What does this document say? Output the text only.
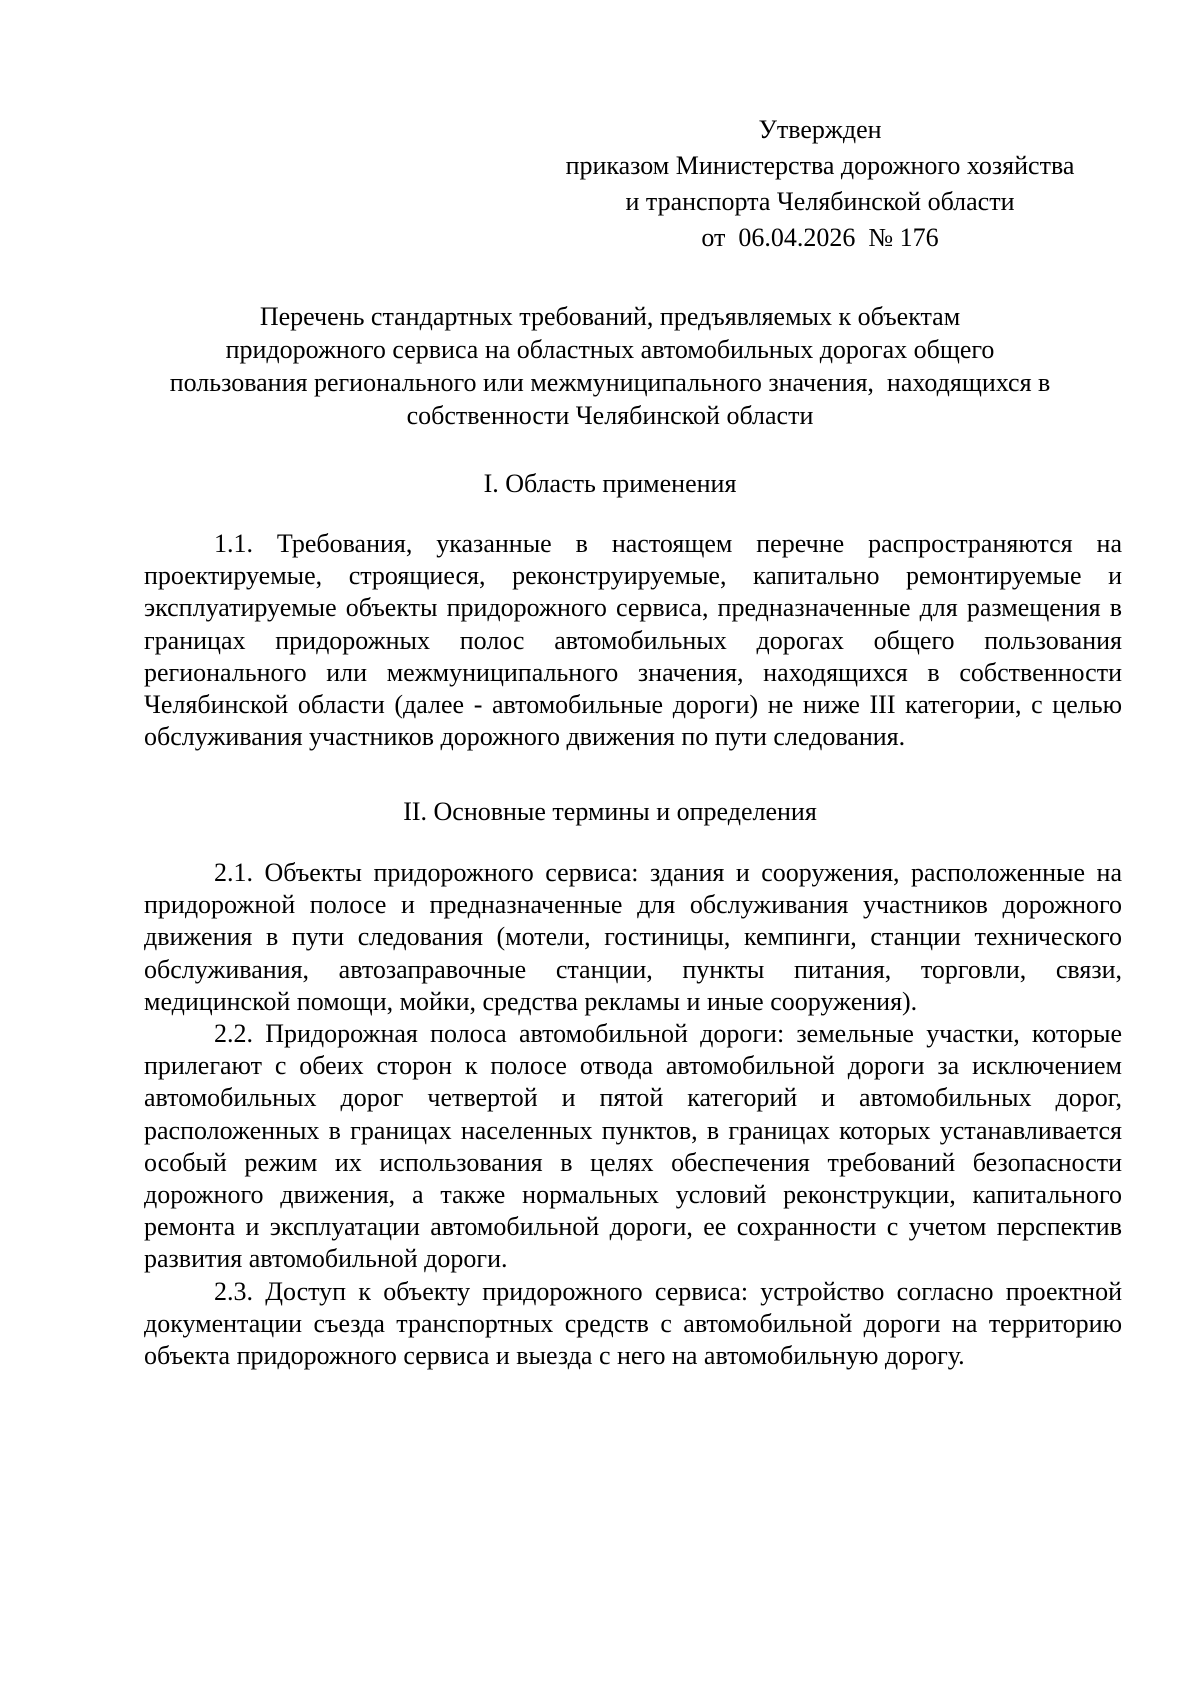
Утвержден
приказом Министерства дорожного хозяйства
и транспорта Челябинской области
от  06.04.2026  № 176
Перечень стандартных требований, предъявляемых к объектам
придорожного сервиса на областных автомобильных дорогах общего
пользования регионального или межмуниципального значения,  находящихся в
собственности Челябинской области
I. Область применения

1.1. Требования, указанные в настоящем перечне распространяются на проектируемые, строящиеся, реконструируемые, капитально ремонтируемые и эксплуатируемые объекты придорожного сервиса, предназначенные для размещения в границах придорожных полос автомобильных дорогах общего пользования регионального или межмуниципального значения, находящихся в собственности Челябинской области (далее - автомобильные дороги) не ниже III категории, с целью обслуживания участников дорожного движения по пути следования.

II. Основные термины и определения

2.1. Объекты придорожного сервиса: здания и сооружения, расположенные на придорожной полосе и предназначенные для обслуживания участников дорожного движения в пути следования (мотели, гостиницы, кемпинги, станции технического обслуживания, автозаправочные станции, пункты питания, торговли, связи, медицинской помощи, мойки, средства рекламы и иные сооружения).

2.2. Придорожная полоса автомобильной дороги: земельные участки, которые прилегают с обеих сторон к полосе отвода автомобильной дороги за исключением автомобильных дорог четвертой и пятой категорий и автомобильных дорог, расположенных в границах населенных пунктов, в границах которых устанавливается особый режим их использования в целях обеспечения требований безопасности дорожного движения, а также нормальных условий реконструкции, капитального ремонта и эксплуатации автомобильной дороги, ее сохранности с учетом перспектив развития автомобильной дороги.

2.3. Доступ к объекту придорожного сервиса: устройство согласно проектной документации съезда транспортных средств с автомобильной дороги на территорию объекта придорожного сервиса и выезда с него на автомобильную дорогу.
